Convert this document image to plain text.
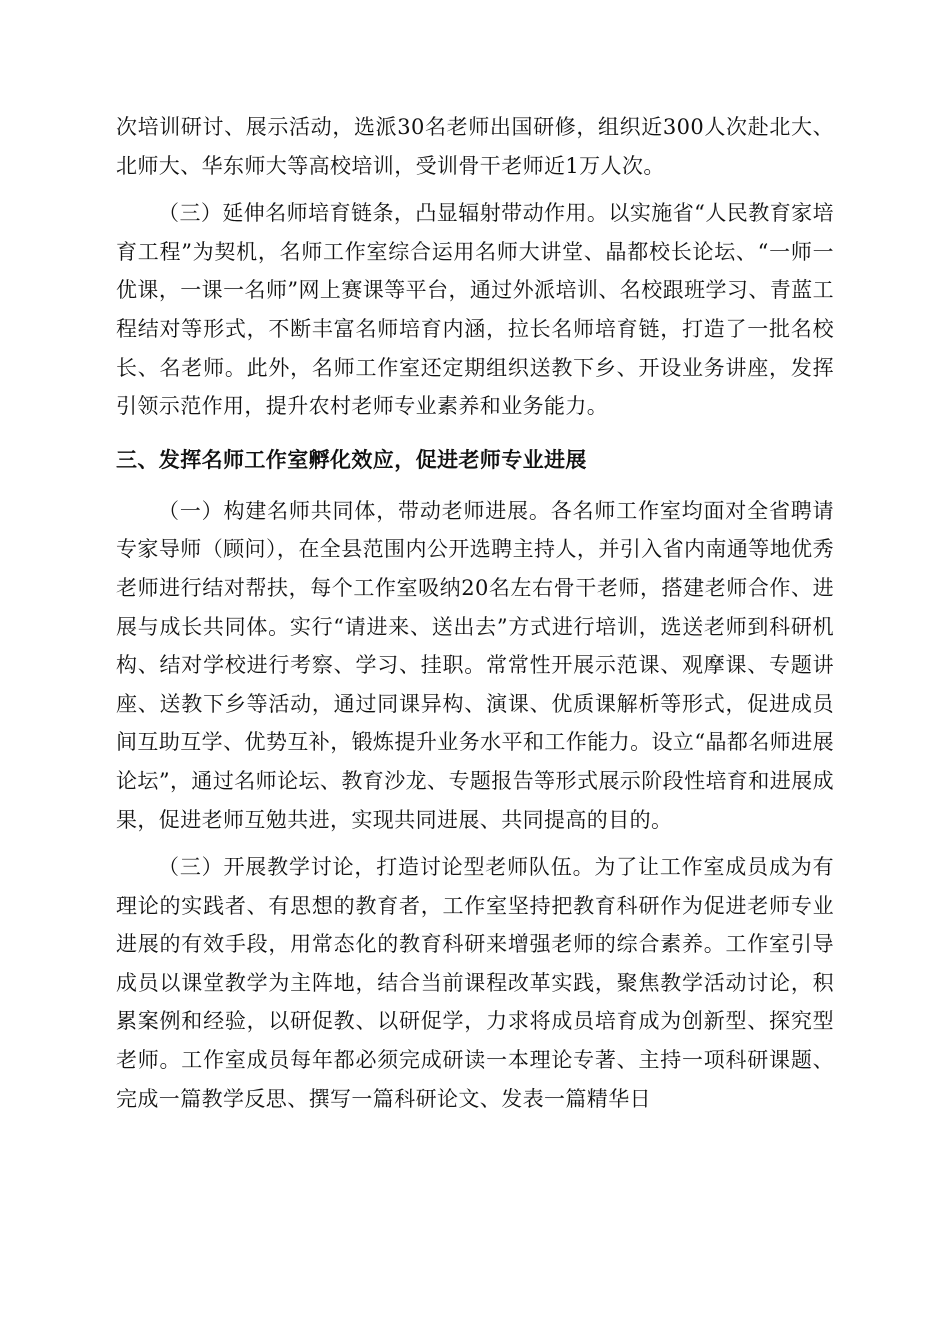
次培训研讨、展示活动，选派30名老师出国研修，组织近300人次赴北大、北师大、华东师大等高校培训，受训骨干老师近1万人次。

（三）延伸名师培育链条，凸显辐射带动作用。以实施省“人民教育家培育工程”为契机，名师工作室综合运用名师大讲堂、晶都校长论坛、“一师一优课，一课一名师”网上赛课等平台，通过外派培训、名校跟班学习、青蓝工程结对等形式，不断丰富名师培育内涵，拉长名师培育链，打造了一批名校长、名老师。此外，名师工作室还定期组织送教下乡、开设业务讲座，发挥引领示范作用，提升农村老师专业素养和业务能力。

三、发挥名师工作室孵化效应，促进老师专业进展

（一）构建名师共同体，带动老师进展。各名师工作室均面对全省聘请专家导师（顾问），在全县范围内公开选聘主持人，并引入省内南通等地优秀老师进行结对帮扶，每个工作室吸纳20名左右骨干老师，搭建老师合作、进展与成长共同体。实行“请进来、送出去”方式进行培训，选送老师到科研机构、结对学校进行考察、学习、挂职。常常性开展示范课、观摩课、专题讲座、送教下乡等活动，通过同课异构、演课、优质课解析等形式，促进成员间互助互学、优势互补，锻炼提升业务水平和工作能力。设立“晶都名师进展论坛”，通过名师论坛、教育沙龙、专题报告等形式展示阶段性培育和进展成果，促进老师互勉共进，实现共同进展、共同提高的目的。

（三）开展教学讨论，打造讨论型老师队伍。为了让工作室成员成为有理论的实践者、有思想的教育者，工作室坚持把教育科研作为促进老师专业进展的有效手段，用常态化的教育科研来增强老师的综合素养。工作室引导成员以课堂教学为主阵地，结合当前课程改革实践，聚焦教学活动讨论，积累案例和经验，以研促教、以研促学，力求将成员培育成为创新型、探究型老师。工作室成员每年都必须完成研读一本理论专著、主持一项科研课题、完成一篇教学反思、撰写一篇科研论文、发表一篇精华日
